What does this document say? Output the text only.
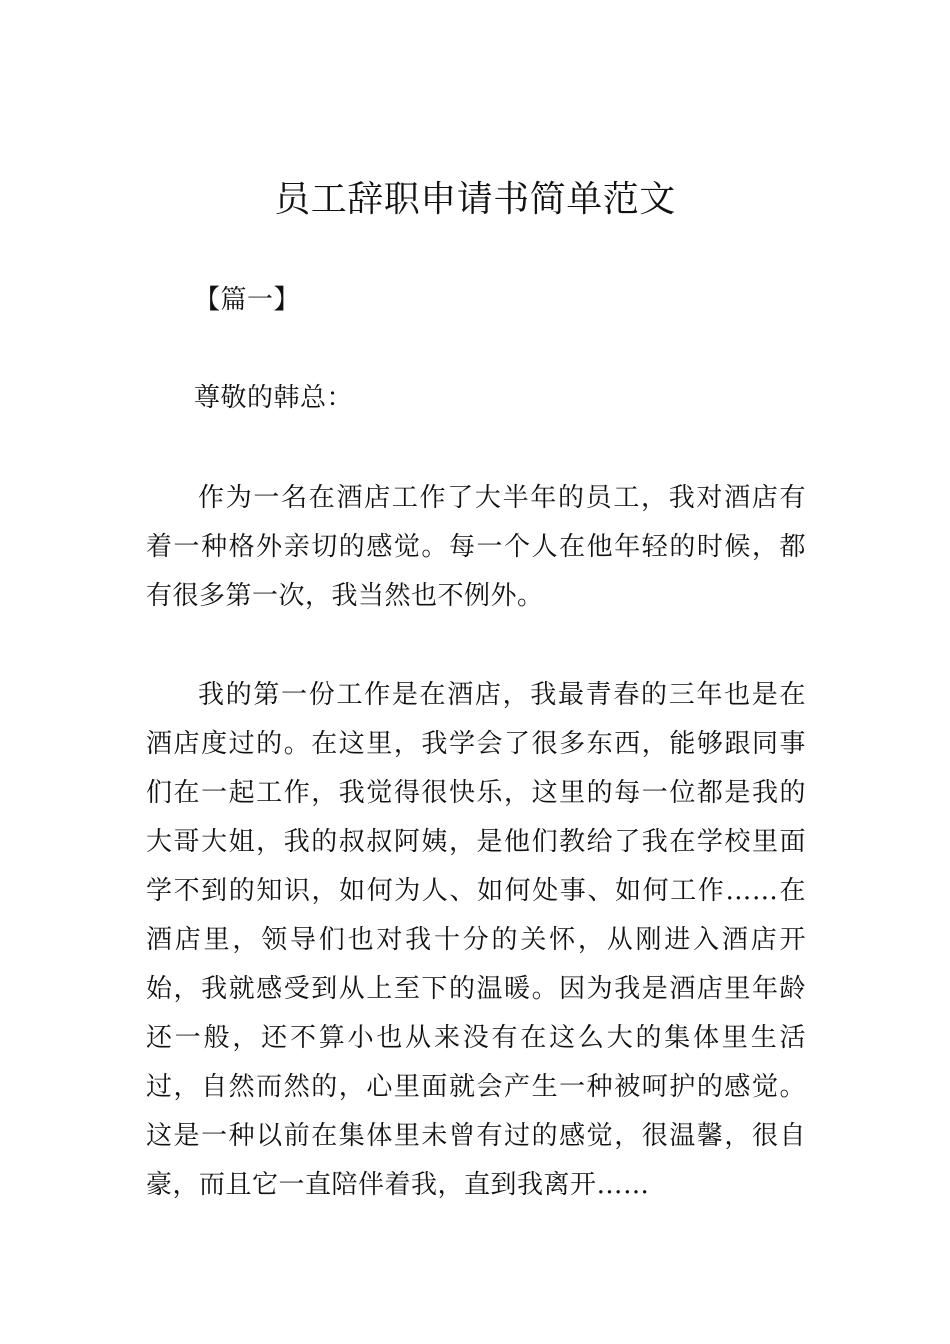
员工辞职申请书简单范文

【篇一】

尊敬的韩总：

作为一名在酒店工作了大半年的员工，我对酒店有着一种格外亲切的感觉。每一个人在他年轻的时候，都有很多第一次，我当然也不例外。

我的第一份工作是在酒店，我最青春的三年也是在酒店度过的。在这里，我学会了很多东西，能够跟同事们在一起工作，我觉得很快乐，这里的每一位都是我的大哥大姐，我的叔叔阿姨，是他们教给了我在学校里面学不到的知识，如何为人、如何处事、如何工作……在酒店里，领导们也对我十分的关怀，从刚进入酒店开始，我就感受到从上至下的温暖。因为我是酒店里年龄还一般，还不算小也从来没有在这么大的集体里生活过，自然而然的，心里面就会产生一种被呵护的感觉。这是一种以前在集体里未曾有过的感觉，很温馨，很自豪，而且它一直陪伴着我，直到我离开……
